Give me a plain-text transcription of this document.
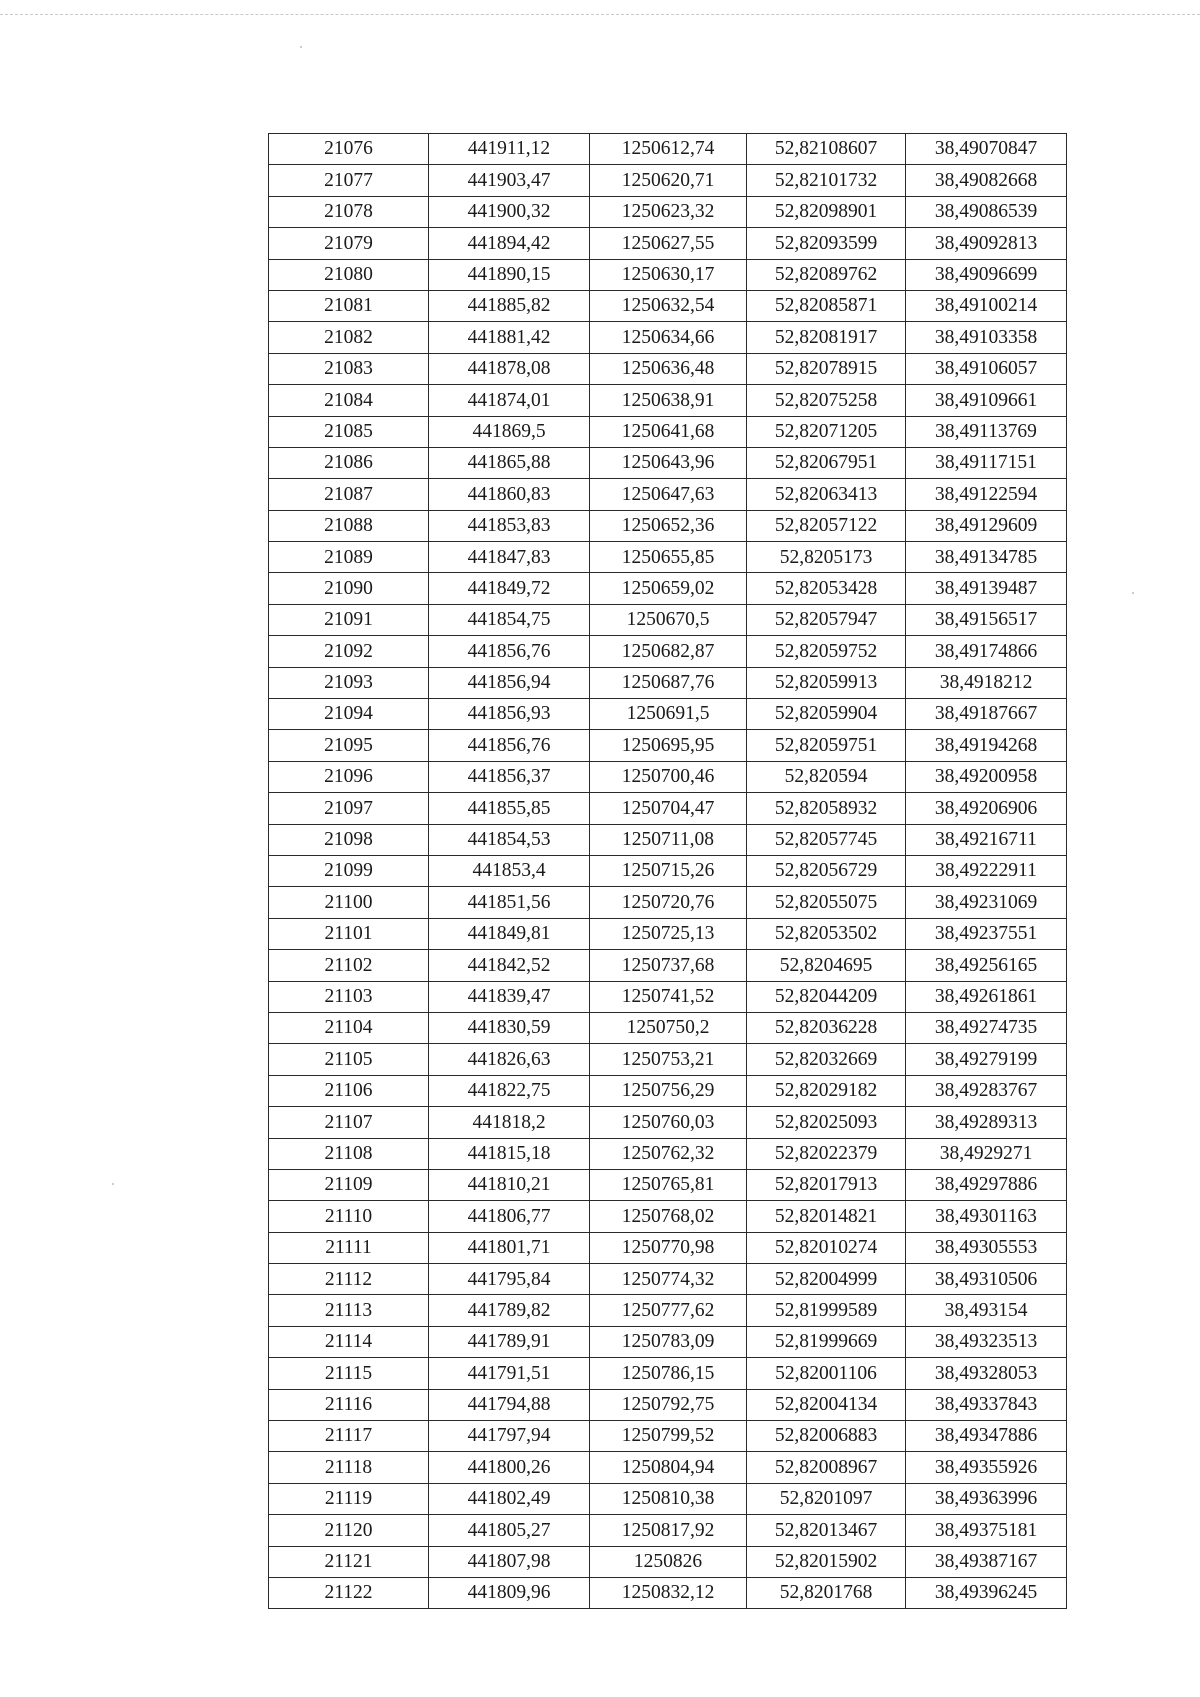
21076	441911,12	1250612,74	52,82108607	38,49070847
21077	441903,47	1250620,71	52,82101732	38,49082668
21078	441900,32	1250623,32	52,82098901	38,49086539
21079	441894,42	1250627,55	52,82093599	38,49092813
21080	441890,15	1250630,17	52,82089762	38,49096699
21081	441885,82	1250632,54	52,82085871	38,49100214
21082	441881,42	1250634,66	52,82081917	38,49103358
21083	441878,08	1250636,48	52,82078915	38,49106057
21084	441874,01	1250638,91	52,82075258	38,49109661
21085	441869,5	1250641,68	52,82071205	38,49113769
21086	441865,88	1250643,96	52,82067951	38,49117151
21087	441860,83	1250647,63	52,82063413	38,49122594
21088	441853,83	1250652,36	52,82057122	38,49129609
21089	441847,83	1250655,85	52,8205173	38,49134785
21090	441849,72	1250659,02	52,82053428	38,49139487
21091	441854,75	1250670,5	52,82057947	38,49156517
21092	441856,76	1250682,87	52,82059752	38,49174866
21093	441856,94	1250687,76	52,82059913	38,4918212
21094	441856,93	1250691,5	52,82059904	38,49187667
21095	441856,76	1250695,95	52,82059751	38,49194268
21096	441856,37	1250700,46	52,820594	38,49200958
21097	441855,85	1250704,47	52,82058932	38,49206906
21098	441854,53	1250711,08	52,82057745	38,49216711
21099	441853,4	1250715,26	52,82056729	38,49222911
21100	441851,56	1250720,76	52,82055075	38,49231069
21101	441849,81	1250725,13	52,82053502	38,49237551
21102	441842,52	1250737,68	52,8204695	38,49256165
21103	441839,47	1250741,52	52,82044209	38,49261861
21104	441830,59	1250750,2	52,82036228	38,49274735
21105	441826,63	1250753,21	52,82032669	38,49279199
21106	441822,75	1250756,29	52,82029182	38,49283767
21107	441818,2	1250760,03	52,82025093	38,49289313
21108	441815,18	1250762,32	52,82022379	38,4929271
21109	441810,21	1250765,81	52,82017913	38,49297886
21110	441806,77	1250768,02	52,82014821	38,49301163
21111	441801,71	1250770,98	52,82010274	38,49305553
21112	441795,84	1250774,32	52,82004999	38,49310506
21113	441789,82	1250777,62	52,81999589	38,493154
21114	441789,91	1250783,09	52,81999669	38,49323513
21115	441791,51	1250786,15	52,82001106	38,49328053
21116	441794,88	1250792,75	52,82004134	38,49337843
21117	441797,94	1250799,52	52,82006883	38,49347886
21118	441800,26	1250804,94	52,82008967	38,49355926
21119	441802,49	1250810,38	52,8201097	38,49363996
21120	441805,27	1250817,92	52,82013467	38,49375181
21121	441807,98	1250826	52,82015902	38,49387167
21122	441809,96	1250832,12	52,8201768	38,49396245
